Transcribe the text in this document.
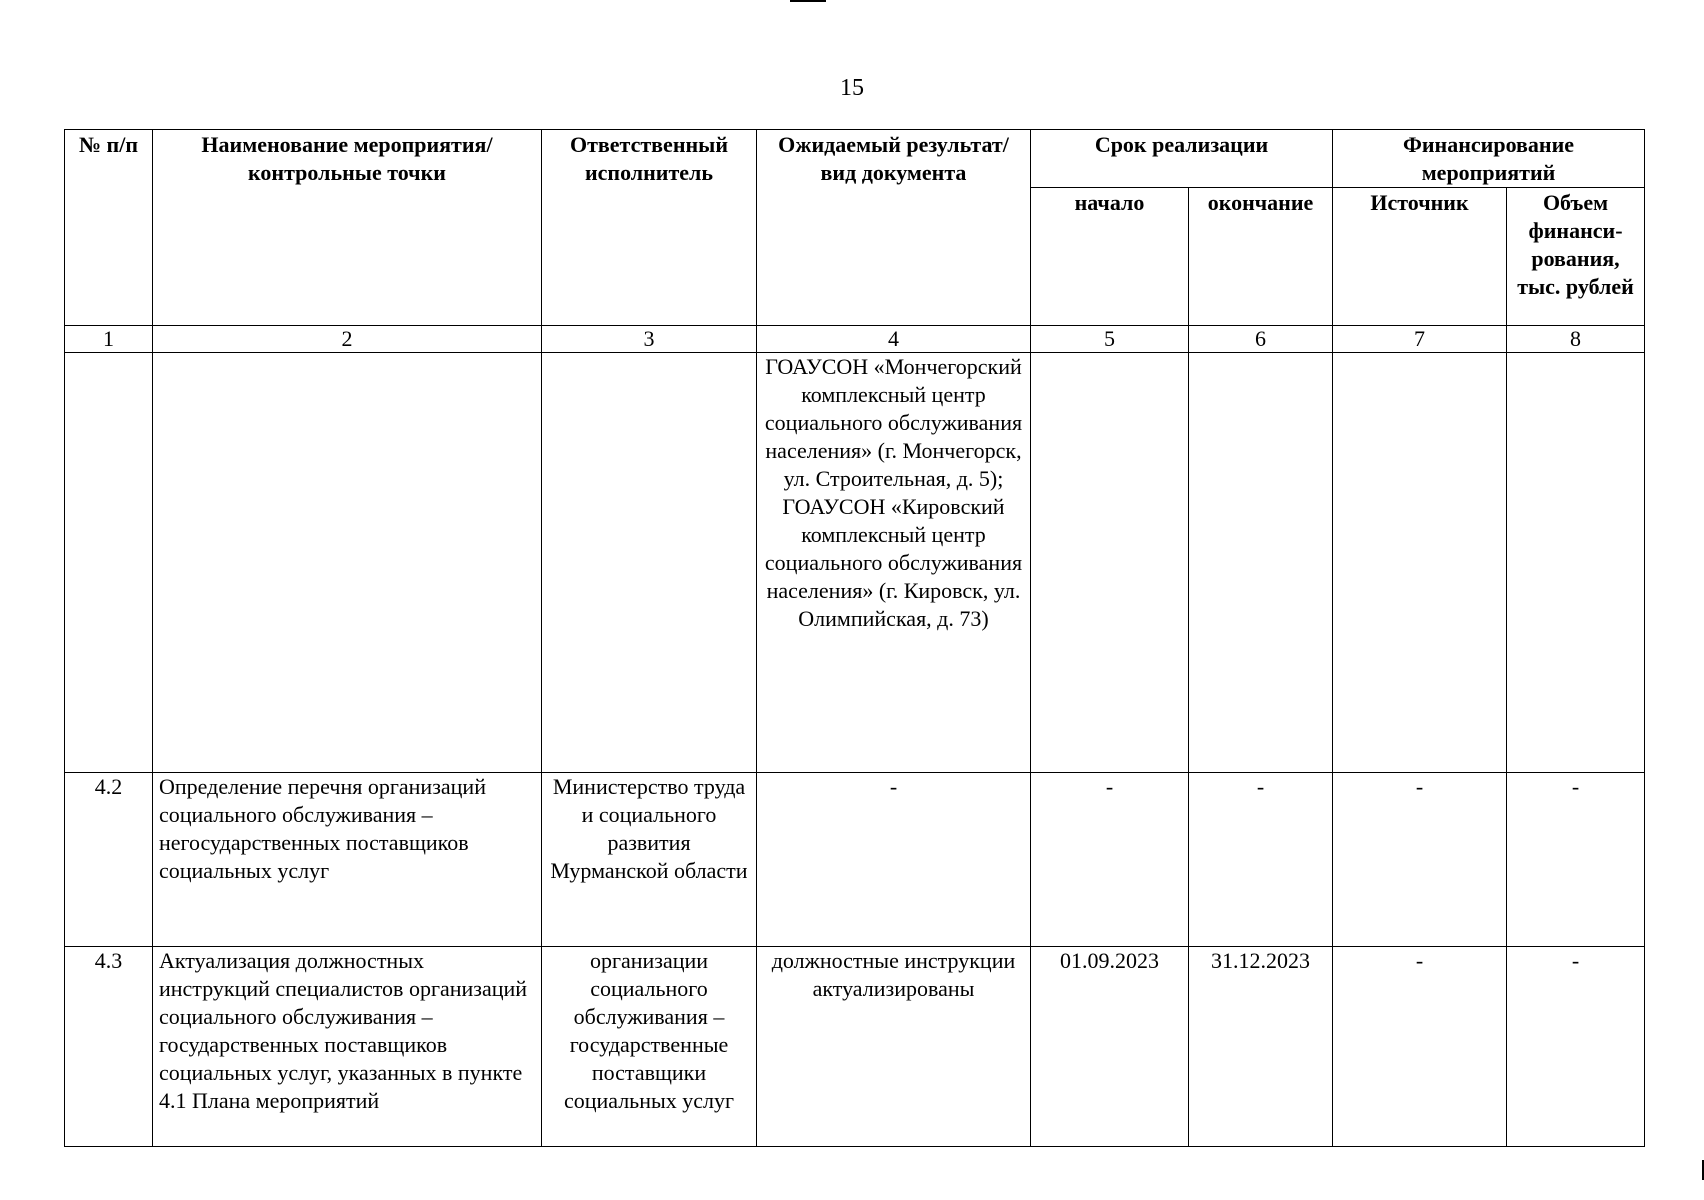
15
№ п/п	Наименование мероприятия/ контрольные точки	Ответственный исполнитель	Ожидаемый результат/вид документа	Срок реализации		Финансирование мероприятий	
				начало	окончание	Источник	Объем финанси-рования, тыс. рублей
1	2	3	4	5	6	7	8
			ГОАУСОН «Мончегорский комплексный центр социального обслуживания населения» (г. Мончегорск, ул. Строительная, д. 5); ГОАУСОН «Кировский комплексный центр социального обслуживания населения» (г. Кировск, ул. Олимпийская, д. 73)				
4.2	Определение перечня организаций социального обслуживания – негосударственных поставщиков социальных услуг	Министерство труда и социального развития Мурманской области	-	-	-	-	-
4.3	Актуализация должностных инструкций специалистов организаций социального обслуживания – государственных поставщиков социальных услуг, указанных в пункте 4.1 Плана мероприятий	организации социального обслуживания – государственные поставщики социальных услуг	должностные инструкции актуализированы	01.09.2023	31.12.2023	-	-
